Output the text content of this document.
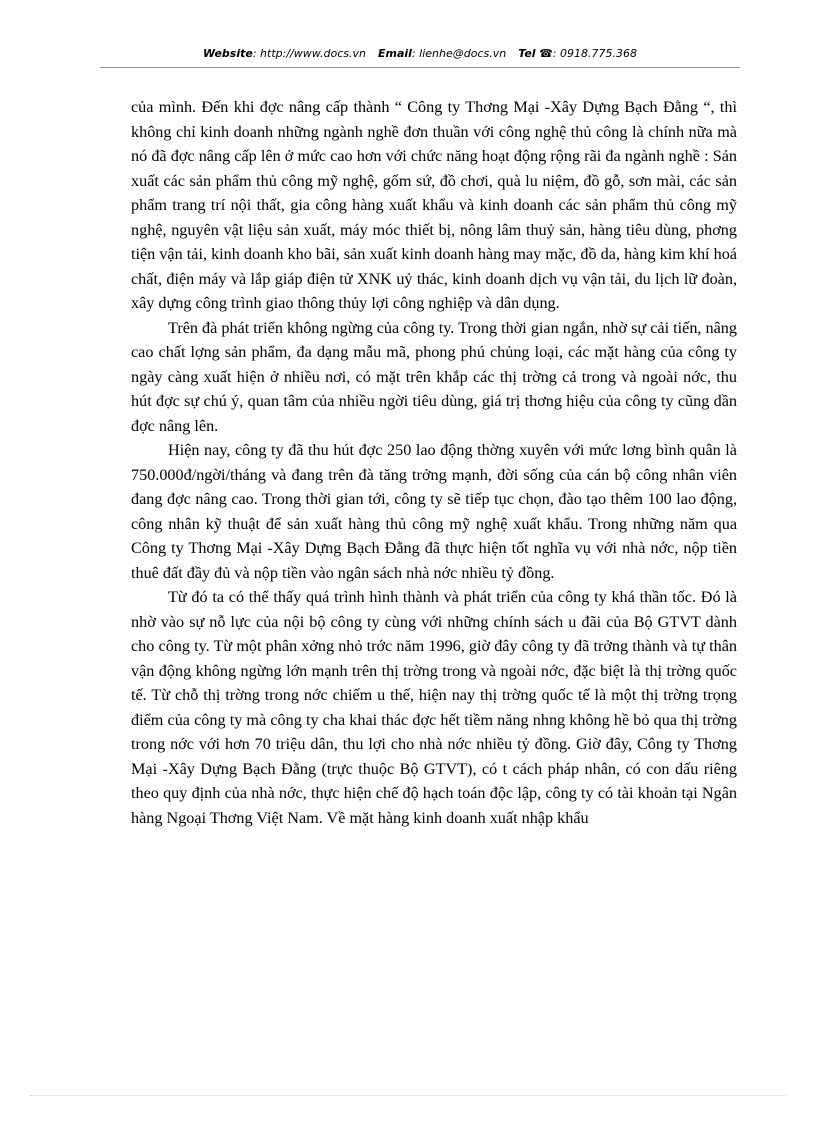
Website: http://www.docs.vn Email: lienhe@docs.vn Tel ☎: 0918.775.368

của mình. Đến khi đợc nâng cấp thành “ Công ty Thơng Mại -Xây Dựng Bạch Đằng “, thì không chỉ kinh doanh những ngành nghề đơn thuần với công nghệ thủ công là chính nữa mà nó đã đợc nâng cấp lên ở mức cao hơn với chức năng hoạt động rộng rãi đa ngành nghề : Sản xuất các sản phẩm thủ công mỹ nghệ, gốm sứ, đồ chơi, quà lu niệm, đồ gỗ, sơn mài, các sản phẩm trang trí nội thất, gia công hàng xuất khẩu và kinh doanh các sản phẩm thủ công mỹ nghệ, nguyên vật liệu sản xuất, máy móc thiết bị, nông lâm thuỷ sản, hàng tiêu dùng, phơng tiện vận tải, kinh doanh kho bãi, sản xuất kinh doanh hàng may mặc, đồ da, hàng kim khí hoá chất, điện máy và lắp giáp điện tử XNK uỷ thác, kinh doanh dịch vụ vận tải, du lịch lữ đoàn, xây dựng công trình giao thông thủy lợi công nghiệp và dân dụng.

Trên đà phát triển không ngừng của công ty. Trong thời gian ngắn, nhờ sự cải tiến, nâng cao chất lợng sản phẩm, đa dạng mẫu mã, phong phú chủng loại, các mặt hàng của công ty ngày càng xuất hiện ở nhiều nơi, có mặt trên khắp các thị trờng cả trong và ngoài nớc, thu hút đợc sự chú ý, quan tâm của nhiều ngời tiêu dùng, giá trị thơng hiệu của công ty cũng dần đợc nâng lên.

Hiện nay, công ty đã thu hút đợc 250 lao động thờng xuyên với mức lơng bình quân là 750.000đ/ngời/tháng và đang trên đà tăng trởng mạnh, đời sống của cán bộ công nhân viên đang đợc nâng cao. Trong thời gian tới, công ty sẽ tiếp tục chọn, đào tạo thêm 100 lao động, công nhân kỹ thuật để sản xuất hàng thủ công mỹ nghệ xuất khẩu. Trong những năm qua Công ty Thơng Mại -Xây Dựng Bạch Đằng đã thực hiện tốt nghĩa vụ với nhà nớc, nộp tiền thuê đất đầy đủ và nộp tiền vào ngân sách nhà nớc nhiều tỷ đồng.

Từ đó ta có thể thấy quá trình hình thành và phát triển của công ty khá thần tốc. Đó là nhờ vào sự nỗ lực của nội bộ công ty cùng với những chính sách u đãi của Bộ GTVT dành cho công ty. Từ một phân xởng nhỏ trớc năm 1996, giờ đây công ty đã trởng thành và tự thân vận động không ngừng lớn mạnh trên thị trờng trong và ngoài nớc, đặc biệt là thị trờng quốc tế. Từ chỗ thị trờng trong nớc chiếm u thế, hiện nay thị trờng quốc tế là một thị trờng trọng điểm của công ty mà công ty cha khai thác đợc hết tiềm năng nhng không hề bỏ qua thị trờng trong nớc với hơn 70 triệu dân, thu lợi cho nhà nớc nhiều tỷ đồng. Giờ đây, Công ty Thơng Mại -Xây Dựng Bạch Đằng (trực thuộc Bộ GTVT), có t cách pháp nhân, có con dấu riêng theo quy định của nhà nớc, thực hiện chế độ hạch toán độc lập, công ty có tài khoản tại Ngân hàng Ngoại Thơng Việt Nam. Về mặt hàng kinh doanh xuất nhập khẩu
